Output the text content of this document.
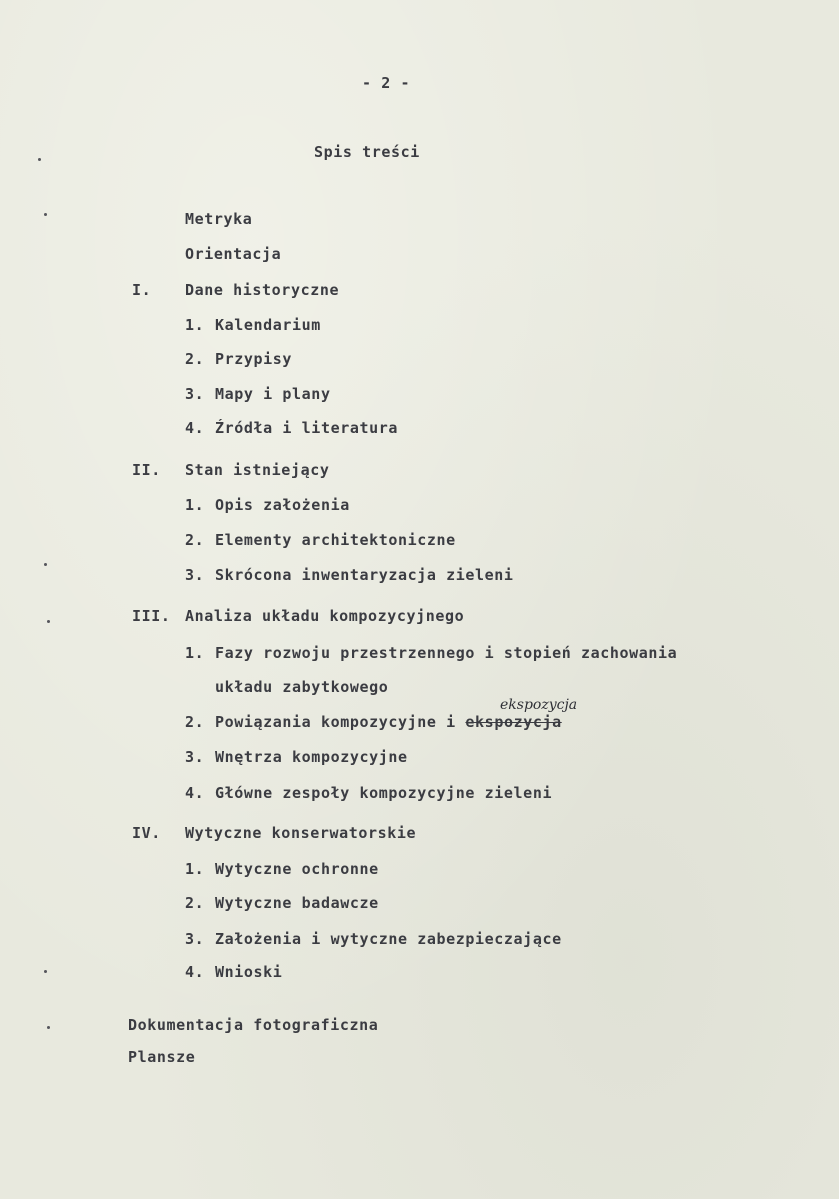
- 2 -
Spis treści
Metryka
Orientacja
I. Dane historyczne
1. Kalendarium
2. Przypisy
3. Mapy i plany
4. Źródła i literatura
II. Stan istniejący
1. Opis założenia
2. Elementy architektoniczne
3. Skrócona inwentaryzacja zieleni
III. Analiza układu kompozycyjnego
1. Fazy rozwoju przestrzennego i stopień zachowania
układu zabytkowego
ekspozycja
2. Powiązania kompozycyjne i ekspozycja
3. Wnętrza kompozycyjne
4. Główne zespoły kompozycyjne zieleni
IV. Wytyczne konserwatorskie
1. Wytyczne ochronne
2. Wytyczne badawcze
3. Założenia i wytyczne zabezpieczające
4. Wnioski
Dokumentacja fotograficzna
Plansze
